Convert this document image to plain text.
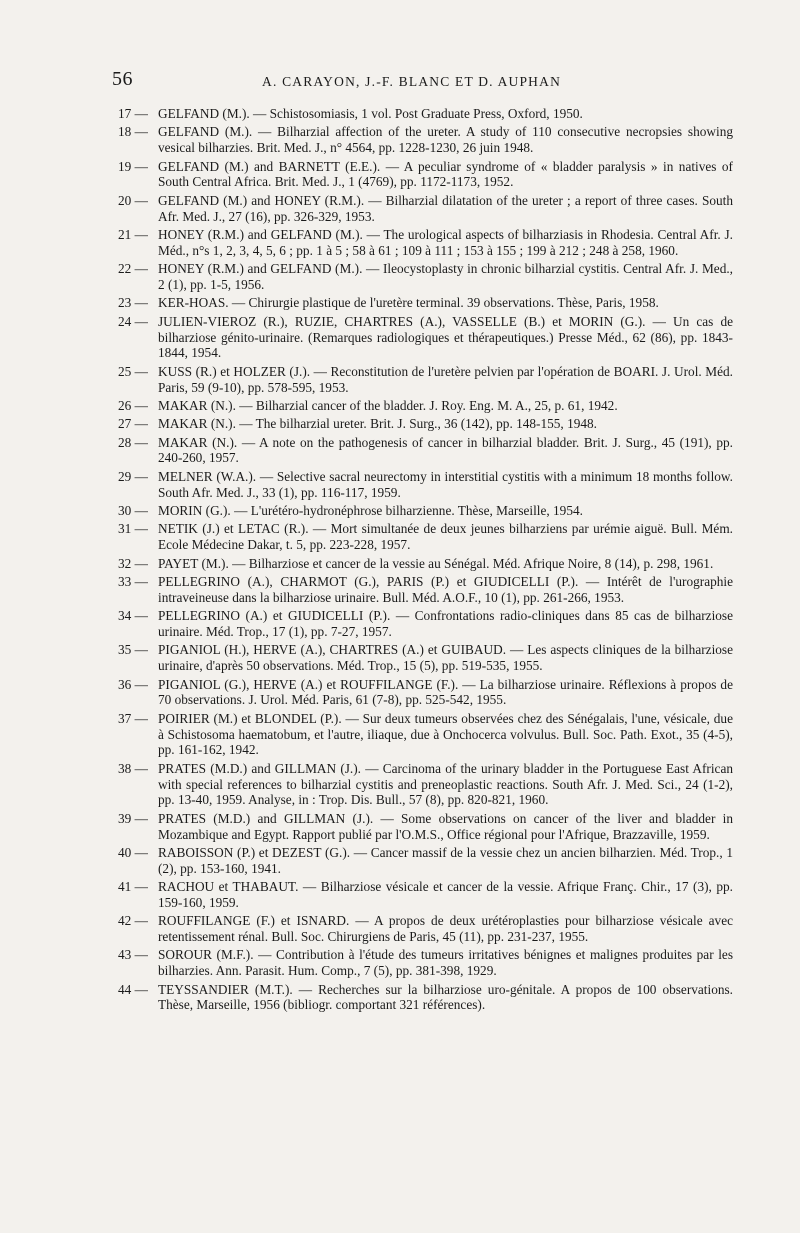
56	A. CARAYON, J.-F. BLANC ET D. AUPHAN
17 — GELFAND (M.). — Schistosomiasis, 1 vol. Post Graduate Press, Oxford, 1950.
18 — GELFAND (M.). — Bilharzial affection of the ureter. A study of 110 consecutive necropsies showing vesical bilharzies. Brit. Med. J., n° 4564, pp. 1228-1230, 26 juin 1948.
19 — GELFAND (M.) and BARNETT (E.E.). — A peculiar syndrome of « bladder paralysis » in natives of South Central Africa. Brit. Med. J., 1 (4769), pp. 1172-1173, 1952.
20 — GELFAND (M.) and HONEY (R.M.). — Bilharzial dilatation of the ureter ; a report of three cases. South Afr. Med. J., 27 (16), pp. 326-329, 1953.
21 — HONEY (R.M.) and GELFAND (M.). — The urological aspects of bilharziasis in Rhodesia. Central Afr. J. Méd., n°s 1, 2, 3, 4, 5, 6 ; pp. 1 à 5 ; 58 à 61 ; 109 à 111 ; 153 à 155 ; 199 à 212 ; 248 à 258, 1960.
22 — HONEY (R.M.) and GELFAND (M.). — Ileocystoplasty in chronic bilharzial cystitis. Central Afr. J. Med., 2 (1), pp. 1-5, 1956.
23 — KER-HOAS. — Chirurgie plastique de l'uretère terminal. 39 observations. Thèse, Paris, 1958.
24 — JULIEN-VIEROZ (R.), RUZIE, CHARTRES (A.), VASSELLE (B.) et MORIN (G.). — Un cas de bilharziose génito-urinaire. (Remarques radiologiques et thérapeutiques.) Presse Méd., 62 (86), pp. 1843-1844, 1954.
25 — KUSS (R.) et HOLZER (J.). — Reconstitution de l'uretère pelvien par l'opération de BOARI. J. Urol. Méd. Paris, 59 (9-10), pp. 578-595, 1953.
26 — MAKAR (N.). — Bilharzial cancer of the bladder. J. Roy. Eng. M. A., 25, p. 61, 1942.
27 — MAKAR (N.). — The bilharzial ureter. Brit. J. Surg., 36 (142), pp. 148-155, 1948.
28 — MAKAR (N.). — A note on the pathogenesis of cancer in bilharzial bladder. Brit. J. Surg., 45 (191), pp. 240-260, 1957.
29 — MELNER (W.A.). — Selective sacral neurectomy in interstitial cystitis with a minimum 18 months follow. South Afr. Med. J., 33 (1), pp. 116-117, 1959.
30 — MORIN (G.). — L'urétéro-hydronéphrose bilharzienne. Thèse, Marseille, 1954.
31 — NETIK (J.) et LETAC (R.). — Mort simultanée de deux jeunes bilharziens par urémie aiguë. Bull. Mém. Ecole Médecine Dakar, t. 5, pp. 223-228, 1957.
32 — PAYET (M.). — Bilharziose et cancer de la vessie au Sénégal. Méd. Afrique Noire, 8 (14), p. 298, 1961.
33 — PELLEGRINO (A.), CHARMOT (G.), PARIS (P.) et GIUDICELLI (P.). — Intérêt de l'urographie intraveineuse dans la bilharziose urinaire. Bull. Méd. A.O.F., 10 (1), pp. 261-266, 1953.
34 — PELLEGRINO (A.) et GIUDICELLI (P.). — Confrontations radio-cliniques dans 85 cas de bilharziose urinaire. Méd. Trop., 17 (1), pp. 7-27, 1957.
35 — PIGANIOL (H.), HERVE (A.), CHARTRES (A.) et GUIBAUD. — Les aspects cliniques de la bilharziose urinaire, d'après 50 observations. Méd. Trop., 15 (5), pp. 519-535, 1955.
36 — PIGANIOL (G.), HERVE (A.) et ROUFFILANGE (F.). — La bilharziose urinaire. Réflexions à propos de 70 observations. J. Urol. Méd. Paris, 61 (7-8), pp. 525-542, 1955.
37 — POIRIER (M.) et BLONDEL (P.). — Sur deux tumeurs observées chez des Sénégalais, l'une, vésicale, due à Schistosoma haematobum, et l'autre, iliaque, due à Onchocerca volvulus. Bull. Soc. Path. Exot., 35 (4-5), pp. 161-162, 1942.
38 — PRATES (M.D.) and GILLMAN (J.). — Carcinoma of the urinary bladder in the Portuguese East African with special references to bilharzial cystitis and preneoplastic reactions. South Afr. J. Med. Sci., 24 (1-2), pp. 13-40, 1959. Analyse, in : Trop. Dis. Bull., 57 (8), pp. 820-821, 1960.
39 — PRATES (M.D.) and GILLMAN (J.). — Some observations on cancer of the liver and bladder in Mozambique and Egypt. Rapport publié par l'O.M.S., Office régional pour l'Afrique, Brazzaville, 1959.
40 — RABOISSON (P.) et DEZEST (G.). — Cancer massif de la vessie chez un ancien bilharzien. Méd. Trop., 1 (2), pp. 153-160, 1941.
41 — RACHOU et THABAUT. — Bilharziose vésicale et cancer de la vessie. Afrique Franç. Chir., 17 (3), pp. 159-160, 1959.
42 — ROUFFILANGE (F.) et ISNARD. — A propos de deux urétéroplasties pour bilharziose vésicale avec retentissement rénal. Bull. Soc. Chirurgiens de Paris, 45 (11), pp. 231-237, 1955.
43 — SOROUR (M.F.). — Contribution à l'étude des tumeurs irritatives bénignes et malignes produites par les bilharzies. Ann. Parasit. Hum. Comp., 7 (5), pp. 381-398, 1929.
44 — TEYSSANDIER (M.T.). — Recherches sur la bilharziose uro-génitale. A propos de 100 observations. Thèse, Marseille, 1956 (bibliogr. comportant 321 références).
